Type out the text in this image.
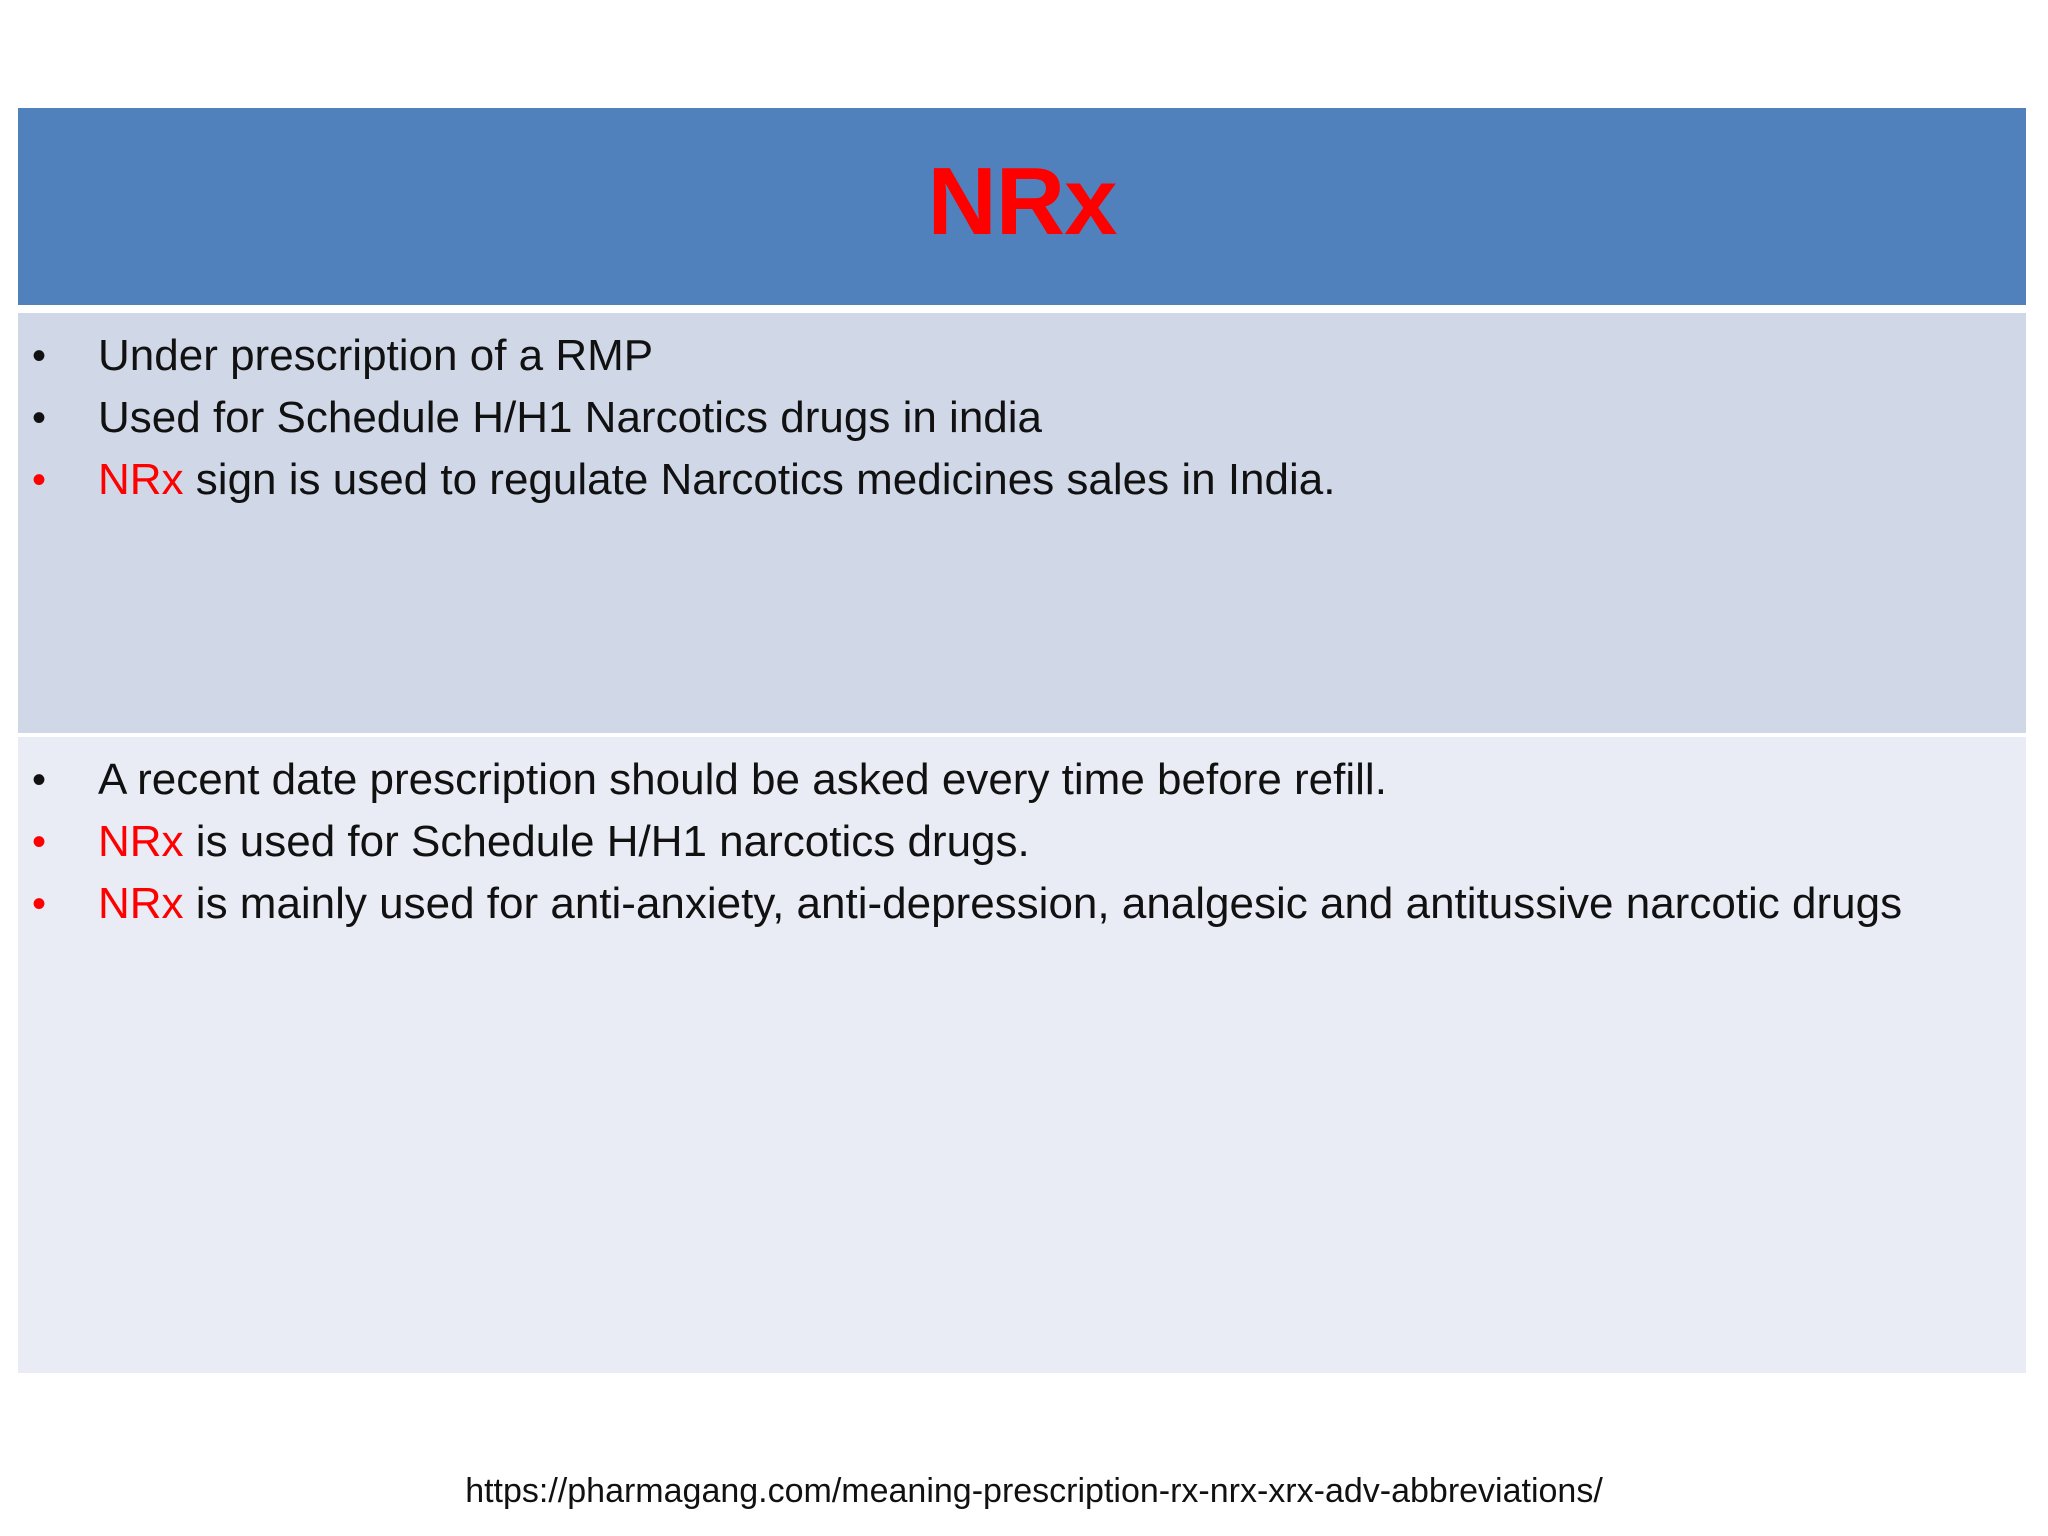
NRx
•	Under prescription of a RMP
•	Used for Schedule H/H1 Narcotics drugs in india
•	NRx sign is used to regulate Narcotics medicines sales in India.
•	A recent date prescription should be asked every time before refill.
•	NRx is used for Schedule H/H1 narcotics drugs.
•	NRx is mainly used for anti-anxiety, anti-depression, analgesic and antitussive narcotic drugs
https://pharmagang.com/meaning-prescription-rx-nrx-xrx-adv-abbreviations/
